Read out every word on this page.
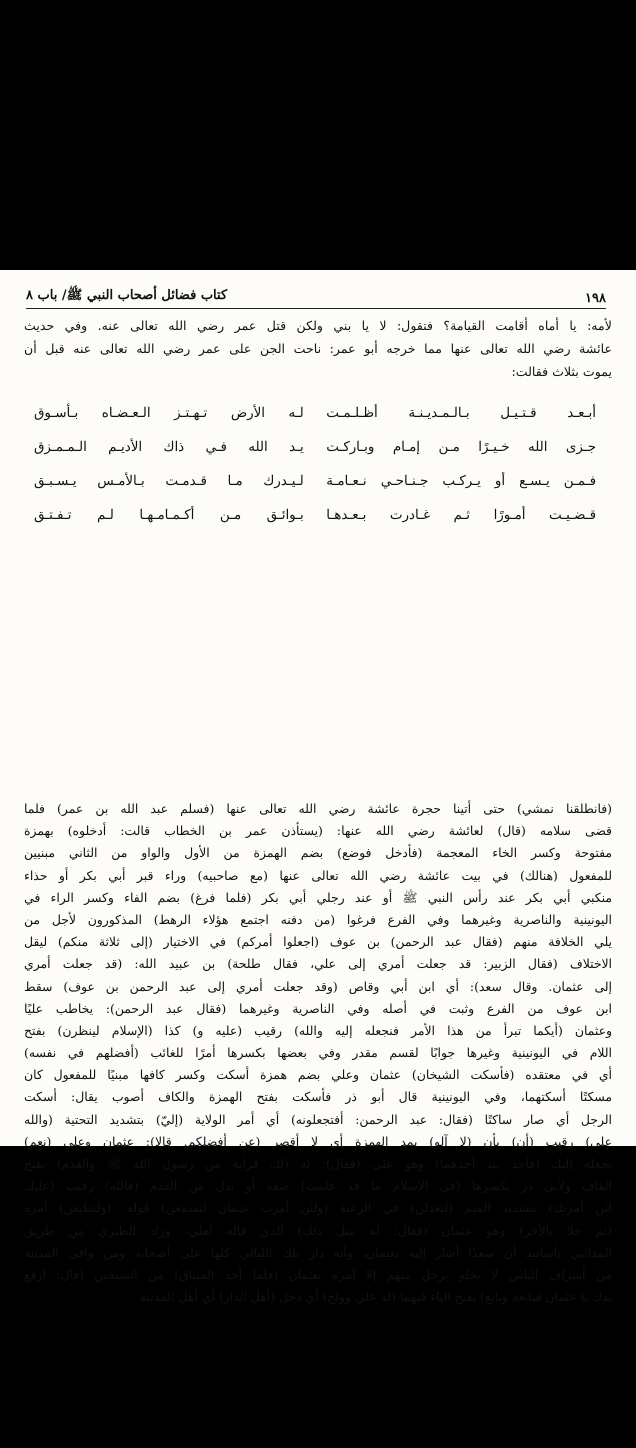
١٩٨
كتاب فضائل أصحاب النبي ﷺ/ باب ٨
لأمه: يا أماه أقامت القيامة؟ فتقول: لا يا بني ولكن قتل عمر رضي الله تعالى عنه. وفي حديث
عائشة رضي الله تعالى عنها مما خرجه أبو عمر: ناحت الجن على عمر رضي الله تعالى عنه قبل أن
يموت بثلاث فقالت:
أبـعـد قـتـيـل بـالـمـديـنـة أظـلـمـت
لـه الأرض تـهـتـز الـعـضـاه بـأسـوق
جـزى الله خـيـرًا مـن إمـام وبـاركـت
يـد الله فـي ذاك الأديـم الـمـمـزق
فـمـن يـسـع أو يـركـب جـنـاحـي نـعـامـة
لـيـدرك مـا قـدمـت بـالأمـس يـسـبـق
قـضـيـت أمـورًا ثـم غـادرت بـعـدهـا
بـوائـق مـن أكـمـامـهـا لـم تـفـتـق
(فانطلقنا نمشي) حتى أتينا حجرة عائشة رضي الله تعالى عنها (فسلم عبد الله بن عمر) فلما
قضى سلامه (قال) لعائشة رضي الله عنها: (يستأذن عمر بن الخطاب قالت: أدخلوه) بهمزة
مفتوحة وكسر الخاء المعجمة (فأدخل فوضع) بضم الهمزة من الأول والواو من الثاني مبنيين
للمفعول (هنالك) في بيت عائشة رضي الله تعالى عنها (مع صاحبيه) وراء قبر أبي بكر أو حذاء
منكبي أبي بكر عند رأس النبي ﷺ أو عند رجلي أبي بكر (فلما فرغ) بضم الفاء وكسر الراء في
اليونينية والناصرية وغيرهما وفي الفرع فرغوا (من دفنه اجتمع هؤلاء الرهط) المذكورون لأجل من
يلي الخلافة منهم (فقال عبد الرحمن) بن عوف (اجعلوا أمركم) في الاختيار (إلى ثلاثة منكم) ليقل
الاختلاف (فقال الزبير: قد جعلت أمري إلى علي، فقال طلحة) بن عبيد الله: (قد جعلت أمري
إلى عثمان. وقال سعد): أي ابن أبي وقاص (وقد جعلت أمري إلى عبد الرحمن بن عوف) سقط
ابن عوف من الفرع وثبت في أصله وفي الناصرية وغيرهما (فقال عبد الرحمن): يخاطب عليًا
وعثمان (أيكما تبرأ من هذا الأمر فنجعله إليه والله) رقيب (عليه و) كذا (الإسلام لينظرن) بفتح
اللام في اليونينية وغيرها جوابًا لقسم مقدر وفي بعضها بكسرها أمرًا للغائب (أفضلهم في نفسه)
أي في معتقده (فأسكت الشيخان) عثمان وعلي بضم همزة أسكت وكسر كافها مبنيًا للمفعول كان
مسكتًا أسكتهما، وفي اليونينية قال أبو ذر فأسكت بفتح الهمزة والكاف أصوب يقال: أسكت
الرجل أي صار ساكتًا (فقال: عبد الرحمن: أفتجعلونه) أي أمر الولاية (إليّ) بتشديد التحتية (والله
علي) رقيب (أن) بأن (لا آلو) بمد الهمزة أي لا أقصر (عن أفضلكم. قالا): عثمان وعلي (نعم)
نجعله إليك (فأخذ بيد أحدهما) وهو علي (فقال): له (لك قرابة من رسول الله ﷺ والقدم) بفتح
القاف ولأبي ذر بكسرها (في الإسلام ما قد علمت) صفة أو بدل من القدم (فالله) رقيب (عليك
لئن أمرتك) بتشديد الميم (لتعدلن) في الرعية (ولئن أمرت عثمان لتسمعن) قوله: (ولتطيعن) أمره
(ثم خلا بالآخر) وهو عثمان (فقال: له مثل ذلك) الذي قاله لعلي، وزاد الطبري من طريق
المدائني بأسانيد أن سعدًا أشار إليه بعثمان، وأنه دار تلك الليالي كلها على أصحابه ومن وافى المدينة
من أشراف الناس لا يخلو برجل منهم إلا أمره بعثمان (فلما أخذ الميثاق) من الشيخين (قال: ارفع
يدك يا عثمان فبايعه وبايع) بفتح الياء فيهما (له علي وولج) أي دخل (أهل الدار) أي أهل المدينة
